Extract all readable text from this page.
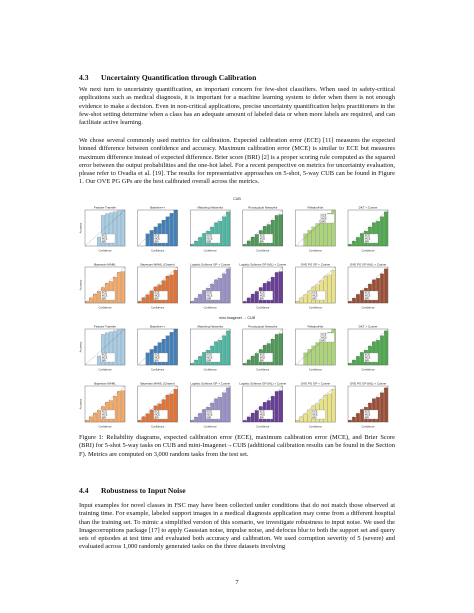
4.3 Uncertainty Quantification through Calibration

We next turn to uncertainty quantification, an important concern for few-shot classifiers. When used in safety-critical applications such as medical diagnosis, it is important for a machine learning system to defer when there is not enough evidence to make a decision. Even in non-critical applications, precise uncertainty quantification helps practitioners in the few-shot setting determine when a class has an adequate amount of labeled data or when more labels are required, and can facilitate active learning.

We chose several commonly used metrics for calibration. Expected calibration error (ECE) [11] measures the expected binned difference between confidence and accuracy. Maximum calibration error (MCE) is similar to ECE but measures maximum difference instead of expected difference. Brier score (BRI) [2] is a proper scoring rule computed as the squared error between the output probabilities and the one-hot label. For a recent perspective on metrics for uncertainty evaluation, please refer to Ovadia et al. [19]. The results for representative approaches on 5-shot, 5-way CUB can be found in Figure 1. Our OVE PG GPs are the best calibrated overall across the metrics.

CUB
Feature Transfer
ECE
MCE
BRI
Confidence
Accuracy
Baseline++
ECE
MCE
BRI
Confidence
Matching Networks
ECE
MCE
BRI
Confidence
Prototypical Networks
ECE
MCE
BRI
Confidence
RelationNet
ECE
MCE
BRI
Confidence
DKT + Cosine
ECE
MCE
BRI
Confidence
Bayesian MAML
ECE
MCE
BRI
Confidence
Accuracy
Bayesian MAML (Chaser)
ECE
MCE
BRI
Confidence
Logistic Softmax GP + Cosine
ECE
MCE
BRI
Confidence
Logistic Softmax GP (ML) + Cosine
ECE
MCE
BRI
Confidence
OVE PG GP + Cosine
ECE
MCE
BRI
Confidence
OVE PG GP (ML) + Cosine
ECE
MCE
BRI
Confidence
mini-Imagenet → CUB
Feature Transfer
ECE
MCE
BRI
Confidence
Accuracy
Baseline++
ECE
MCE
BRI
Confidence
Matching Networks
ECE
MCE
BRI
Confidence
Prototypical Networks
ECE
MCE
BRI
Confidence
RelationNet
ECE
MCE
BRI
Confidence
DKT + Cosine
ECE
MCE
BRI
Confidence
Bayesian MAML
ECE
MCE
BRI
Confidence
Accuracy
Bayesian MAML (Chaser)
ECE
MCE
BRI
Confidence
Logistic Softmax GP + Cosine
ECE
MCE
BRI
Confidence
Logistic Softmax GP (ML) + Cosine
ECE
MCE
BRI
Confidence
OVE PG GP + Cosine
ECE
MCE
BRI
Confidence
OVE PG GP (ML) + Cosine
ECE
MCE
BRI
Confidence

Figure 1: Reliability diagrams, expected calibration error (ECE), maximum calibration error (MCE), and Brier Score (BRI) for 5-shot 5-way tasks on CUB and mini-Imagenet→CUB (additional calibration results can be found in the Section F). Metrics are computed on 3,000 random tasks from the test set.

4.4 Robustness to Input Noise

Input examples for novel classes in FSC may have been collected under conditions that do not match those observed at training time. For example, labeled support images in a medical diagnosis application may come from a different hospital than the training set. To mimic a simplified version of this scenario, we investigate robustness to input noise. We used the Imagecorruptions package [17] to apply Gaussian noise, impulse noise, and defocus blur to both the support set and query sets of episodes at test time and evaluated both accuracy and calibration. We used corruption severity of 5 (severe) and evaluated across 1,000 randomly generated tasks on the three datasets involving

7
